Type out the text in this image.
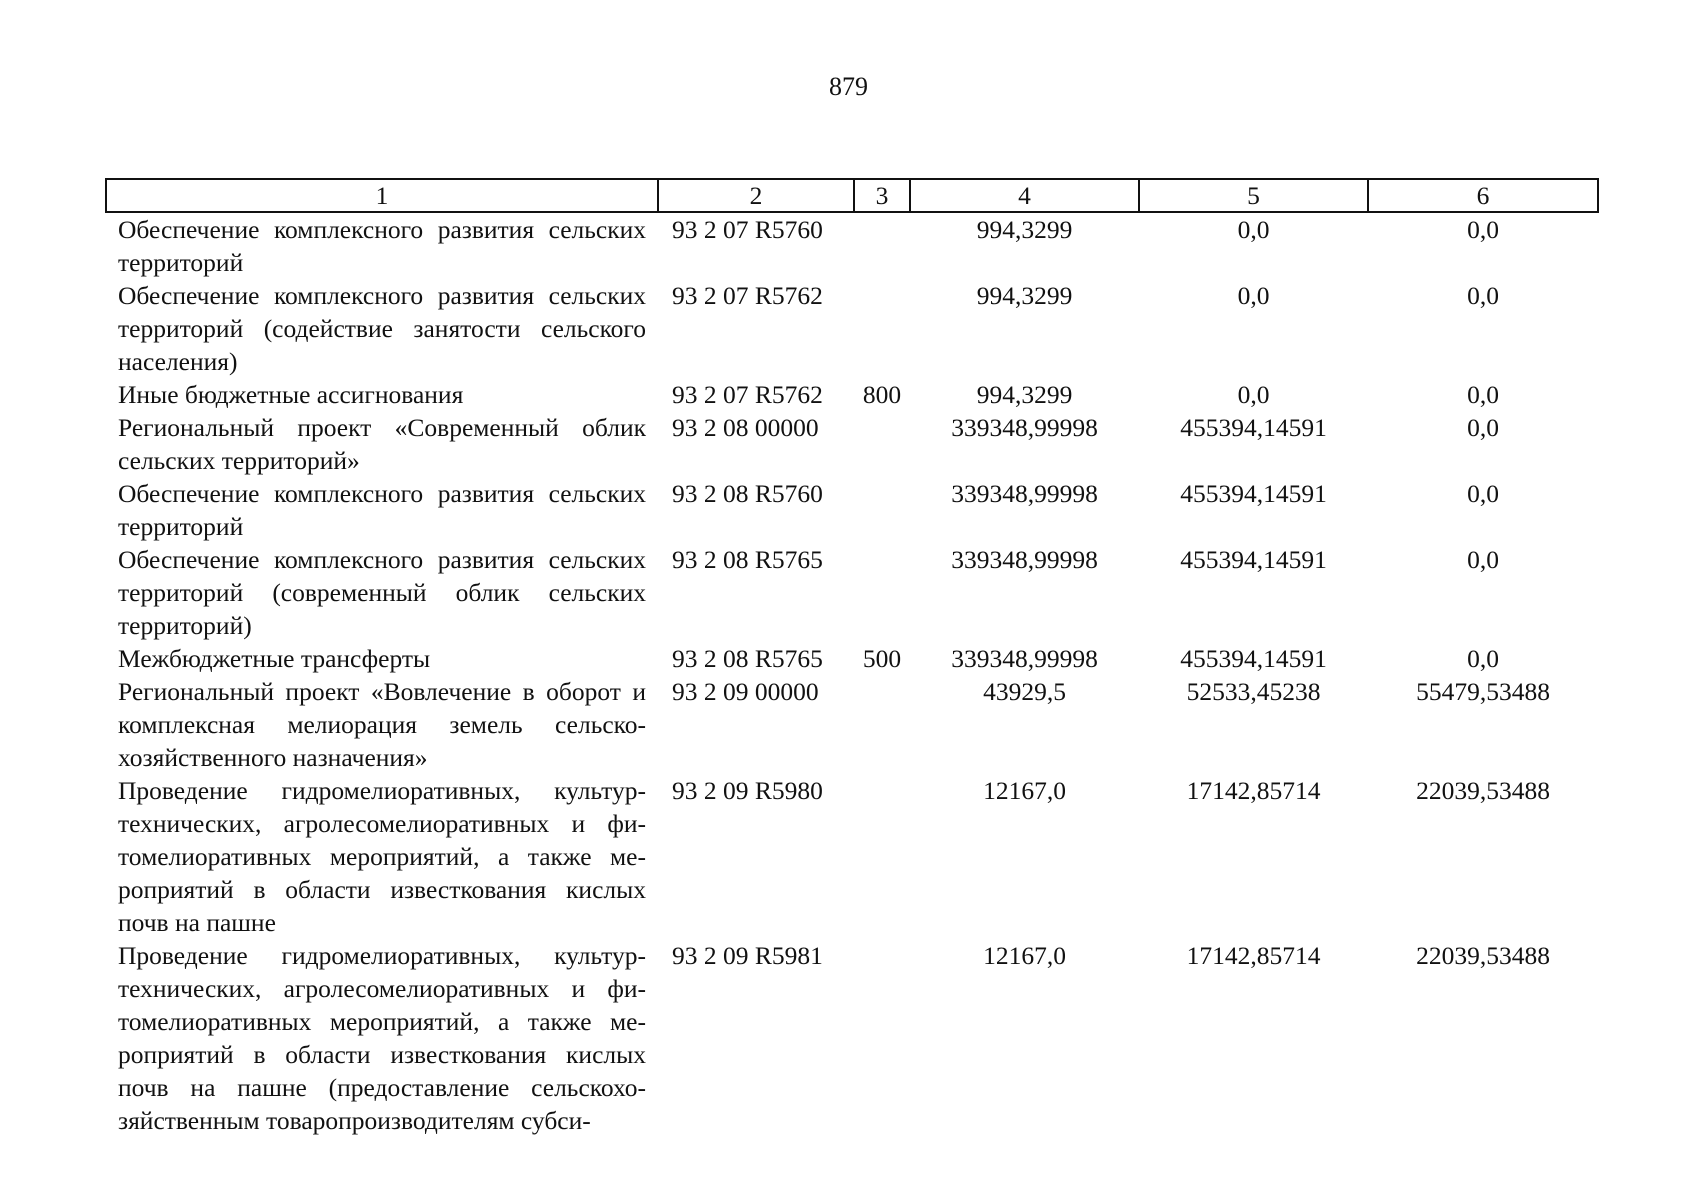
879
1	2	3	4	5	6
Обеспечение комплексного развития сельских территорий	93 2 07 R5760		994,3299	0,0	0,0
Обеспечение комплексного развития сельских территорий (содействие занятости сельского населения)	93 2 07 R5762		994,3299	0,0	0,0
Иные бюджетные ассигнования	93 2 07 R5762	800	994,3299	0,0	0,0
Региональный проект «Современный облик сельских территорий»	93 2 08 00000		339348,99998	455394,14591	0,0
Обеспечение комплексного развития сельских территорий	93 2 08 R5760		339348,99998	455394,14591	0,0
Обеспечение комплексного развития сельских территорий (современный облик сельских территорий)	93 2 08 R5765		339348,99998	455394,14591	0,0
Межбюджетные трансферты	93 2 08 R5765	500	339348,99998	455394,14591	0,0
Региональный проект «Вовлечение в оборот и комплексная мелиорация земель сельскохозяйственного назначения»	93 2 09 00000		43929,5	52533,45238	55479,53488
Проведение гидромелиоративных, культуртехнических, агролесомелиоративных и фитомелиоративных мероприятий, а также мероприятий в области известкования кислых почв на пашне	93 2 09 R5980		12167,0	17142,85714	22039,53488
Проведение гидромелиоративных, культуртехнических, агролесомелиоративных и фитомелиоративных мероприятий, а также мероприятий в области известкования кислых почв на пашне (предоставление сельскохозяйственным товаропроизводителям субси-	93 2 09 R5981		12167,0	17142,85714	22039,53488
